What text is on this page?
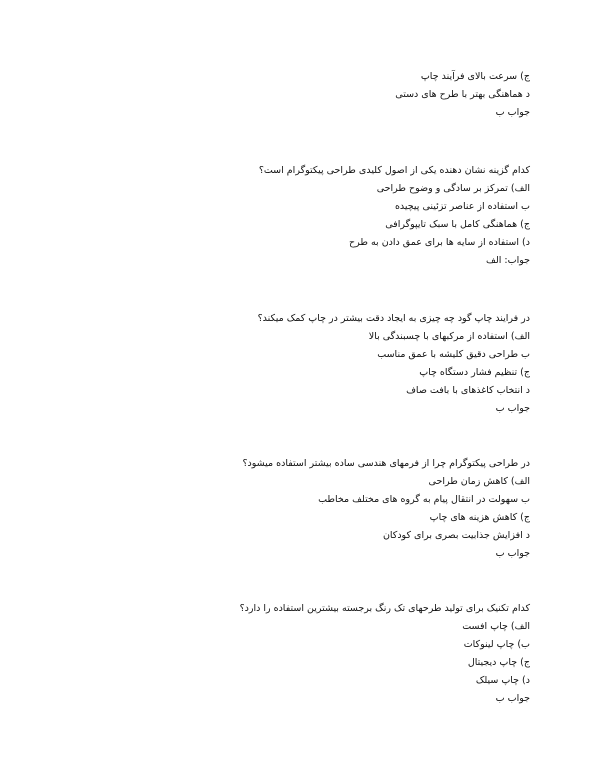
ج) سرعت بالای فرآیند چاپ
د هماهنگی بهتر با طرح های دستی
جواب ب
کدام گزینه نشان دهنده یکی از اصول کلیدی طراحی پیکتوگرام است؟
الف) تمرکز بر سادگی و وضوح طراحی
ب استفاده از عناصر تزئینی پیچیده
ج) هماهنگی کامل با سبک تایپوگرافی
د) استفاده از سایه ها برای عمق دادن به طرح
جواب: الف
در فرایند چاپ گود چه چیزی به ایجاد دقت بیشتر در چاپ کمک میکند؟
الف) استفاده از مرکبهای با چسبندگی بالا
ب طراحی دقیق کلیشه با عمق مناسب
ج) تنظیم فشار دستگاه چاپ
د انتخاب کاغذهای با بافت صاف
جواب ب
در طراحی پیکتوگرام چرا از فرمهای هندسی ساده بیشتر استفاده میشود؟
الف) کاهش زمان طراحی
ب سهولت در انتقال پیام به گروه های مختلف مخاطب
ج) کاهش هزینه های چاپ
د افزایش جذابیت بصری برای کودکان
جواب ب
کدام تکنیک برای تولید طرحهای تک رنگ برجسته بیشترین استفاده را دارد؟
الف) چاپ افست
ب) چاپ لینوکات
ج) چاپ دیجیتال
د) چاپ سیلک
جواب ب
